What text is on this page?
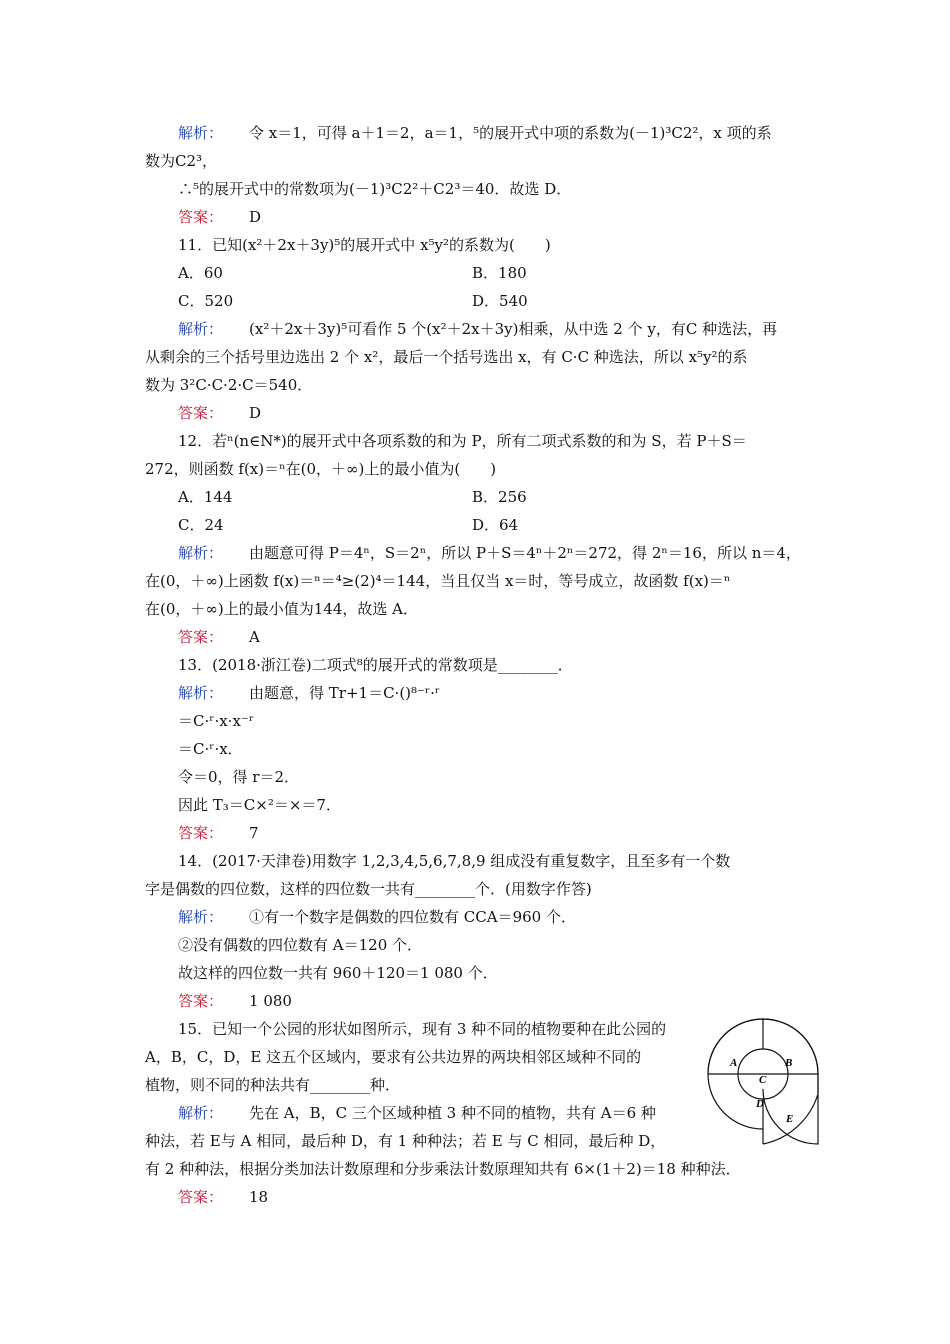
解析： 令 x＝1，可得 a＋1＝2，a＝1，⁵的展开式中项的系数为(－1)³C2²，x 项的系
数为C2³，
∴⁵的展开式中的常数项为(－1)³C2²＋C2³＝40．故选 D．
答案： D
11．已知(x²＋2x＋3y)⁵的展开式中 x⁵y²的系数为(　　)
A．60	B．180
C．520	D．540
解析： (x²＋2x＋3y)⁵可看作 5 个(x²＋2x＋3y)相乘，从中选 2 个 y，有C 种选法，再
从剩余的三个括号里边选出 2 个 x²，最后一个括号选出 x，有 C·C 种选法，所以 x⁵y²的系
数为 3²C·C·2·C＝540．
答案： D
12．若ⁿ(n∈N*)的展开式中各项系数的和为 P，所有二项式系数的和为 S，若 P＋S＝
272，则函数 f(x)＝ⁿ在(0，＋∞)上的最小值为(　　)
A．144	B．256
C．24	D．64
解析： 由题意可得 P＝4ⁿ，S＝2ⁿ，所以 P＋S＝4ⁿ＋2ⁿ＝272，得 2ⁿ＝16，所以 n＝4，
在(0，＋∞)上函数 f(x)＝ⁿ＝⁴≥(2)⁴＝144，当且仅当 x＝时，等号成立，故函数 f(x)＝ⁿ
在(0，＋∞)上的最小值为144，故选 A．
答案： A
13．(2018·浙江卷)二项式⁸的展开式的常数项是________．
解析： 由题意，得 Tr+1＝C·()⁸⁻ʳ·ʳ
＝C·ʳ·x·x⁻ʳ
＝C·ʳ·x．
令＝0，得 r＝2．
因此 T₃＝C×²＝×＝7．
答案： 7
14．(2017·天津卷)用数字 1,2,3,4,5,6,7,8,9 组成没有重复数字，且至多有一个数
字是偶数的四位数，这样的四位数一共有________个．(用数字作答)
解析： ①有一个数字是偶数的四位数有 CCA＝960 个．
②没有偶数的四位数有 A＝120 个．
故这样的四位数一共有 960＋120＝1 080 个．
答案： 1 080
15．已知一个公园的形状如图所示，现有 3 种不同的植物要种在此公园的
A，B，C，D，E 这五个区域内，要求有公共边界的两块相邻区域种不同的
植物，则不同的种法共有________种．
解析： 先在 A，B，C 三个区域种植 3 种不同的植物，共有 A＝6 种
种法，若 E与 A 相同，最后种 D，有 1 种种法；若 E 与 C 相同，最后种 D，
有 2 种种法，根据分类加法计数原理和分步乘法计数原理知共有 6×(1＋2)＝18 种种法．
答案： 18
A	B
C
D
E
